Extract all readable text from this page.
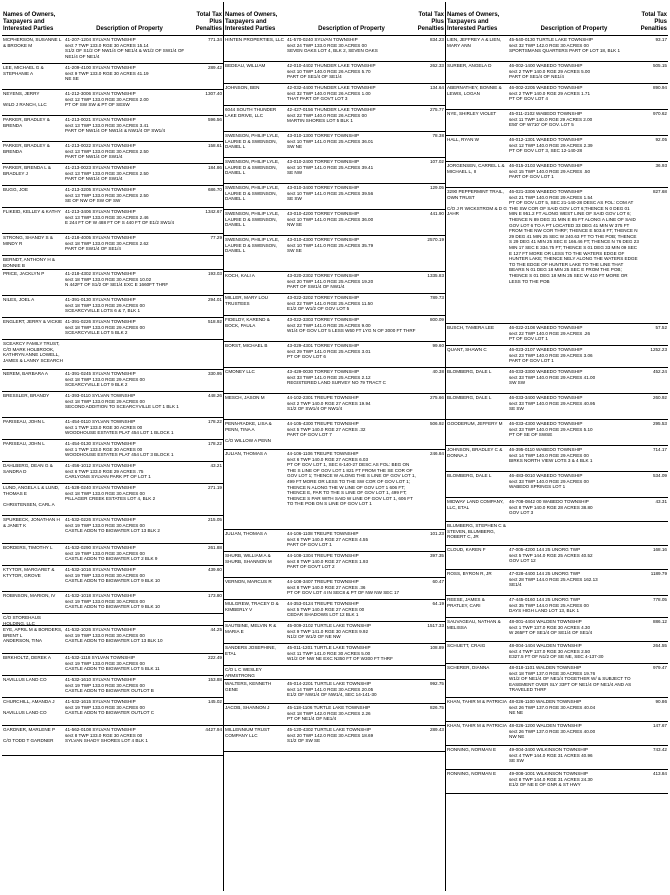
Names of Owners, Taxpayers and Interested Parties	Description of Property
Total Tax Plus Penalties
MCPHERSON, SUSANNE L & BROOKE M
41-207-1204 SYLVAN TOWNSHIP
sect 7 TWP 133.0 RGE 30 ACRES 15.14
S1/2 OF S1/2 OF NW1/4 OF NE1/4 & W1/2 OF SW1/4 OF NE1/4 OF NE1/4
771.34
LEE, MICHAEL G & STEPHANIE A
41-209-4100 SYLVAN TOWNSHIP
sect 9 TWP 133.0 RGE 30 ACRES 41.19
NE SE
289.42
NEYENS, JERRY

WILD J RANCH, LLC
41-212-3006 SYLVAN TOWNSHIP
sect 12 TWP 133.0 RGE 30 ACRES 2.00
PT OF SW SW & PT OF SESW
1307.40
PARKER, BRADLEY & BRENDA
41-213-0021 SYLVAN TOWNSHIP
sect 13 TWP 133.0 RGE 30 ACRES 3.41
PART OF NW1/4 OF NW1/4 & NW1/4 OF SW1/4
596.56
PARKER, BRADLEY & BRENDA
41-213-0022 SYLVAN TOWNSHIP
sect 13 TWP 133.0 RGE 30 ACRES 2.50
PART OF NW1/4 OF SW1/4
158.61
PARKER, BRENDA L & BRADLEY J
41-213-0023 SYLVAN TOWNSHIP
sect 13 TWP 133.0 RGE 30 ACRES 2.50
PART OF NW1/4 OF SW1/4
184.86
BUGG, JOE	41-213-3205 SYLVAN TOWNSHIP
sect 13 TWP 133.0 RGE 30 ACRES 2.50
SE OF NW OF SW OF SW
686.70
FLIKEID, KELLEY & KATHY 41-213-3406 SYLVAN TOWNSHIP
sect 13 TWP 133.0 RGE 30 ACRES 2.46
E 244 FT OF W 488 FT OF S 440 FT OF E1/2 SW1/4
1342.67
STRONG, SHANDY S & MINDY R
41-218-4005 SYLVAN TOWNSHIP
sect 18 TWP 133.0 RGE 30 ACRES 2.62
PART OF SW1/4 OF SE1/4
77.29
BERNDT, ANTHONY H & BONNIE B
PRICE, JACKLYN P	41-218-4302 SYLVAN TOWNSHIP
sect 18 TWP 133.0 RGE 30 ACRES 10.02
N 442FT OF S1/2 OF SE1/4 EXC E 1660FT THRF
193.03
NILES, JOEL A	41-391-0130 SYLVAN TOWNSHIP
sect 18 TWP 133.0 RGE 29 ACRES 00
SCEARCYVILLE LOTS 6 & 7, BLK 1
294.01
ENGLERT, JERRY & VICKIE 41-391-0226 SYLVAN TOWNSHIP
sect 18 TWP 133.0 RGE 29 ACRES 00
SCEARCYVILLE LOT 5 BLK 2
518.92
SCEARCY FAMILY TRUST, C/O MARK HOLBROOK, KATHRYN ANNE LOWELL, JAMES & LANNY SCEARCH
NEREM, BARBARA A	41-391-0245 SYLVAN TOWNSHIP
sect 18 TWP 133.0 RGE 29 ACRES 00
SCEARCYVILLE LOT 9 BLK 2
330.95
BRESSLER, BRANDY	41-393-0110 SYLVAN TOWNSHIP
sect 18 TWP 133.0 RGE 29 ACRES 00
SECOND ADDITION TO SCEARCYVILLE LOT 1 BLK 1
448.26
PARISEAU, JOHN L	41-454-0110 SYLVAN TOWNSHIP
sect 1 TWP 133.0 RGE 30 ACRES 00
WOODHOUSE ESTATES PLAT 454 LOT 1 BLOCK 1
178.22
PARISEAU, JOHN L	41-454-0130 SYLVAN TOWNSHIP
sect 1 TWP 133.0 RGE 30 ACRES 00
WOODHOUSE ESTATES PLAT 454 LOT 3 BLOCK 1
178.22
DAHLBERG, DEAN G & SANDRA D
41-456-1012 SYLVAN TOWNSHIP
sect 6 TWP 133.0 RGE 29 ACRES .75
CARLYONS SYLVAN PARK PT OF LOT 1
43.21
LUND, ANGELA L & LUND, THOMAS E

CHRISTENSEN, CARL A
41-528-0240 SYLVAN TOWNSHIP
sect 18 TWP 133.0 RGE 30 ACRES 00
PILLAGER CREEK ESTATES LOT 4, BLK 2
271.19
SPURBECK, JONATHAN H & JANET K
41-532-0226 SYLVAN TOWNSHIP
sect 19 TWP 133.0 RGE 30 ACRES 00
CASTLE ADDN TO BIGWATER LOT 13 BLK 2
215.05
BORDERS, TIMOTHY L	41-532-0290 SYLVAN TOWNSHIP
sect 19 TWP 133.0 RGE 30 ACRES 00
CASTLE ADDN TO BIGWATER LOT 2 BLK 9
261.88
KTYTOR, MARGARET & KTYTOR, GROVE
41-532-1016 SYLVAN TOWNSHIP
sect 19 TWP 133.0 RGE 30 ACRES 00
CASTLE ADDN TO BIGWATER LOT 9 BLK 10
439.60
ROBINSON, MARION, IV	41-532-1018 SYLVAN TOWNSHIP
sect 19 TWP 133.0 RGE 30 ACRES 00
CASTLE ADDN TO BIGWATER LOT 9 BLK 10
173.80
C/O STOREHAUS HOLDING, LLC
EYE, APRIL M & BORDERS, BRENT L
ANDERSON, TINA
41-532-1026 SYLVAN TOWNSHIP
sect 19 TWP 133.0 RGE 30 ACRES 00
CASTLE ADDN TO BIGWATER LOT 13 BLK 10
44.25
BIRKHOLTZ, DEREK A	41-532-1118 SYLVAN TOWNSHIP
sect 19 TWP 133.0 RGE 30 ACRES 00
CASTLE ADDN TO BIGWATER LOT 5 BLK 11
222.49
NAVILLUS LAND CO	41-532-1610 SYLVAN TOWNSHIP
sect 19 TWP 133.0 RGE 30 ACRES 00
CASTLE ADDN TO BIGWATER OUTLOT B
153.88
CHURCHILL, AMANDA J

NAVILLUS LAND CO
41-532-1615 SYLVAN TOWNSHIP
sect 19 TWP 133.0 RGE 30 ACRES 00
CASTLE ADDN TO BIGWATER OUTLOT C
145.02
GARDNER, MARLENE P

C/O TODD T GARDNER
41-562-0108 SYLVAN TOWNSHIP
sect 8 TWP 133.0 RGE 30 ACRES 00
SYLVAN SHADY SHORES LOT 4 BLK 1
4427.94
Names of Owners, Taxpayers and Interested Parties	Description of Property
Total Tax Plus Penalties
HINTEN PROPERTIES, LLC 41-570-0240 SYLVAN TOWNSHIP
sect 24 TWP 133.0 RGE 30 ACRES 00
SEVEN OAKS LOT 4, BLK 2, SEVEN OAKS
834.23
BEDEAU, WILLIAM	42-010-4402 THUNDER LAKE TOWNSHIP
sect 10 TWP 140.0 RGE 26 ACRES 5.70
PART OF SE1/4 OF SE1/4
262.33
JOHNSON, BEN	42-032-4400 THUNDER LAKE TOWNSHIP
sect 32 TWP 140.0 RGE 26 ACRES 1.00
THAT PART OF GOVT LOT 3
134.64
6044 SOUTH THUNDER LAKE DRIVE, LLC
42-427-0156 THUNDER LAKE TOWNSHIP
sect 22 TWP 140.0 RGE 26 ACRES 00
MARTIN SHORES LOT 5 BLK 1
275.77
SWENSON, PHILIP LYLE, LAURIE D & SWENSON, DANIEL L
43-010-1300 TORREY TOWNSHIP
sect 10 TWP 141.0 RGE 25 ACRES 36.01
SW NE
78.38
SWENSON, PHILIP LYLE, LAURIE D & SWENSON, DANIEL L
43-010-2400 TORREY TOWNSHIP
sect 10 TWP 141.0 RGE 25 ACRES 39.41
SE NW
107.02
SWENSON, PHILIP LYLE, LAURIE D & SWENSON, DANIEL L
43-010-3400 TORREY TOWNSHIP
sect 10 TWP 141.0 RGE 25 ACRES 39.56
SE SW
129.05
SWENSON, PHILIP LYLE, LAURIE D & SWENSON, DANIEL L
43-010-4200 TORREY TOWNSHIP
sect 10 TWP 141.0 RGE 25 ACRES 36.00
NW SE
441.90
SWENSON, PHILIP LYLE, LAURIE D & SWENSON, DANIEL L
43-010-4300 TORREY TOWNSHIP
sect 10 TWP 141.0 RGE 25 ACRES 35.79
SW SE
2570.19
KOCH, KALI A	43-020-2302 TORREY TOWNSHIP
sect 20 TWP 141.0 RGE 25 ACRES 19.20
PART OF SW1/4 OF NW1/4
1335.83
MILLER, MARY LOU TRUSTEES
43-022-3202 TORREY TOWNSHIP
sect 22 TWP 141.0 RGE 25 ACRES 11.50
E1/2 OF W1/2 OF GOV LOT 5
789.73
FIDELDY, KAREND & BOCK, PAULA
43-022-3303 TORREY TOWNSHIP
sect 22 TWP 141.0 RGE 25 ACRES 9.00
W1/4 OF GOV LOT 5 LESS W60 FT LYG N OF 3000 FT THRF
800.09
BORST, MICHAEL B	43-029-4301 TORREY TOWNSHIP
sect 29 TWP 141.0 RGE 25 ACRES 3.01
PT OF GOV LOT 6
99.60
CMONEY LLC	43-429-0030 TORREY TOWNSHIP
sect 33 TWP 141.0 RGE 25 ACRES 2.12
REGISTERED LAND SURVEY NO 79 TRACT C
40.38
MESCH, JASON M	44-102-2301 TREUPE TOWNSHIP
sect 2 TWP 140.0 RGE 27 ACRES 19.94
S1/2 OF SW1/4 OF NW1/4
275.66
PENN-RADKE, LISA & PENN, TINA A

C/O WILLOW A PENN
44-105-4300 TREUPE TOWNSHIP
sect 5 TWP 140.0 RGE 27 ACRES .32
PART OF GOV LOT 7
506.92
JULIAN, THOMAS A	44-106-1106 TREUPE TOWNSHIP
sect 6 TWP 140.0 RGE 27 ACRES 6.03
PT OF GOV LOT 1, SEC 6-140-27 DESC AS FOL: BEG ON THE S LINE OF GOV LOT 1 821 FT FROM THE SE COR OF GOV LOT 1; THENCE W ALONG THE S LINE OF GOV LOT 1, 499 FT MORE OR LESS TO THE SW COR OF GOV LOT 1; THENCE N ALONG THE W LINE OF GOV LOT 1 606 FT; THENCE E, PAR TO THE S LINE OF GOV LOT 1, 499 FT; THENCE S PAR WITH SAID W LINE OF GOV LOT 1, 606 FT TO THE POB ON S LINE OF GOV LOT 1
246.84
JULIAN, THOMAS A	44-106-1108 TREUPE TOWNSHIP
sect 6 TWP 140.0 RGE 27 ACRES 4.55
PART OF GOV LOT 1
101.23
SHURB, WILLIAM A & SHURB, SHANNON M
44-108-1304 TREUPE TOWNSHIP
sect 8 TWP 140.0 RGE 27 ACRES 1.93
PART OF GOVT LOT 2
397.35
VERNON, MARCUS R	44-108-3407 TREUPE TOWNSHIP
sect 8 TWP 140.0 RGE 27 ACRES .36
PT OF GOV LOT 4 IN SEC8 & PT OF NW NW SEC 17
60.47
MULGREW, TRACEY D & KIMBERLY V
44-353-0124 TREUPE TOWNSHIP
sect 5 TWP 140.0 RGE 27 ACRES 00
CEDAR SHADOWS LOT 12 BLK 1
64.19
SAUTBINE, MELVIN R & MARIA E
45-009-2102 TURTLE LAKE TOWNSHIP
sect 9 TWP 141.0 RGE 30 ACRES 9.92
N1/2 OF W1/2 OF NE NW
1517.33
SANDERS JOSEPHINE, ETAL
45-011-1201 TURTLE LAKE TOWNSHIP
sect 11 TWP 141.0 RGE 30 ACRES 5.00
W1/2 OF NW NE EXC N350 FT OF W300 FT THRF
108.89
C/O L C WESLEY ARMSTRONG
WALTERS, KENNETH GENE
45-014-2201 TURTLE LAKE TOWNSHIP
sect 14 TWP 141.0 RGE 30 ACRES 20.05
E1/2 OF NW1/4 OF NW1/4, SEC 14-141-30
992.75
JACOB, SHANNON J	45-118-1106 TURTLE LAKE TOWNSHIP
sect 18 TWP 142.0 RGE 30 ACRES 2.26
PT OF NE1/4 OF NE1/4
826.75
MILLENNIUM TRUST COMPANY LLC
45-120-4302 TURTLE LAKE TOWNSHIP
sect 20 TWP 142.0 RGE 30 ACRES 18.69
S1/2 OF SW SE
289.43
Names of Owners, Taxpayers and Interested Parties	Description of Property
Total Tax Plus Penalties
LIEN, JEFFREY A & LIEN, MARY ANN
45-540-0130 TURTLE LAKE TOWNSHIP
sect 32 TWP 142.0 RGE 30 ACRES 00
SPORTSMANS QUARTERS PART OF LOT 18, BLK 1
93.17
SURBER, ANGELA D	46-002-1400 WABEDO TOWNSHIP
sect 2 TWP 140.0 RGE 29 ACRES 5.00
PART OF SE1/4 OF NE1/4
505.15
ABERNATHEY, BONNIE & LEWIS, LOGAN
46-002-2205 WABEDO TOWNSHIP
sect 2 TWP 140.0 RGE 29 ACRES 1.71
PT OF GOV LOT 4
890.94
NYE, SHIRLEY VIOLET	45-011-2102 WABEDO TOWNSHIP
sect 11 TWP 140.0 RGE 29 ACRES 2.00
E50' OF W710' OF GOV. LOT 5
970.62
HALL, RYAN W	46-012-1301 WABEDO TOWNSHIP
sect 12 TWP 140.0 RGE 29 ACRES 2.39
PT OF GOV LOT 3, SEC 12-140-28
92.05
JORGENSEN, CARREL L & MICHAEL L, II
46-015-2103 WABEDO TOWNSHIP
sect 15 TWP 140.0 RGE 29 ACRES .50
PART OF GOV LOT 1
36.93
3290 PEPPERMINT TRAIL, OWN TRUST

C/O J R WICKSTROM & D G JAHR
46-021-3306 WABEDO TOWNSHIP
sect 21 TWP 140.0 RGE 29 ACRES 1.54
PT OF GOV LOT 5, SEC 21-140-28 DESC AS FOL: COM AT THE SW COR OF SAID GOV LOT 6;THENCE N 0 DEG 01 MIN E 951.2 FT ALONG WEST LINE OF SAID GOV LOT 6; THENCE N 89 DEG 31 MIN E 85 FT ALONG A LINE OF SAID GOV LOT 6 TO A PT LOCATED 33 DEG 41 MIN W 375 FT FROM THE NW COR THRF; THENCE E 503.6 FT; THENCE N 29 DEG 41 MIN 25 SEC W 240.63 FT TO THE POB; THENCE S 29 DEG 41 MIN 25 SEC E 166.46 FT; THENCE N 76 DEG 23 MIN 17 SEC E 334.75 FT; THENCE S 01 DEG 33 MIN 09 SEC E 127 FT MORE OR LESS TO THE WATERS EDGE OF HUNTER LAKE; THENCE NELY ALONG THE WATERS EDGE TO THE EDGE OF HUNTER LAKE TO THE LINE THAT BEARS N 01 DEG 18 MIN 25 SEC E FROM THE POB; THENCE S 01 DEG 18 MIN 25 SEC W 410 FT MORE OR LESS TO THE POB
827.68
BUSCH, TAMERA LEE	46-022-2108 WABEDO TOWNSHIP
sect 22 TWP 140.0 RGE 29 ACRES .26
PT OF GOV LOT 1
57.52
QUANT, SHAWN C	46-023-2107 WABEDO TOWNSHIP
sect 23 TWP 140.0 RGE 29 ACRES 3.06
PART OF GOV LOT 1
1252.23
BLOMBERG, DALE L	46-033-3300 WABEDO TOWNSHIP
sect 33 TWP 140.0 RGE 29 ACRES 41.00
SW SW
452.24
BLOMBERG, DALE L	46-033-3400 WABEDO TOWNSHIP
sect 33 TWP 140.0 RGE 29 ACRES 40.95
SE SW
260.92
GOODERUM, JEFFERY M	46-033-4300 WABEDO TOWNSHIP
sect 33 TWP 140.0 RGE 29 ACRES 5.10
PT OF SE OF SWSE
295.53
JOHNSON, BRADLEY C & DONNA J
46-395-0110 WABEDO TOWNSHIP
sect 14 TWP 140.0 RGE 29 ACRES 00
BIRKS NORTH VIEW LOTS 3 & 4 BLK 1
714.17
BLOMBERG, DALE L	46-483-0010 WABEDO TOWNSHIP
sect 33 TWP 140.0 RGE 29 ACRES 00
WABEDO SPRINGS LOT 1
534.09
MIDWAY LAND COMPANY, LLC, ETAL
46-708-0842 00 WABEDO TOWNSHIP
sect 8 TWP 140.0 RGE 28 ACRES 38.80
GOV LOT 3
43.31
BLUMBERG, STEPHEN C & STEVEN, BLUMBERG, ROBERT C, JR
CLOUD, KAREN F	47-005-4200 144 25 UNORG TWP
sect 5 TWP 144.0 RGE 25 ACRES 40.52
GOV LOT 12
168.16
ROSS, BYRON R, JR	47-028-4400 144 25 UNORG TWP
sect 28 TWP 144.0 RGE 25 ACRES 162.13
SE1/4
1189.79
REESE, JAMES & PRATLEY, CARI
47-445-0160 144 25 UNORG TWP
sect 35 TWP 144.0 RGE 25 ACRES 00
DAYS HIGH LAND LOT 13, BLK 1
778.05
SAUVAGEAU, NATHAN & MELISSA
48-001-4404 WALDEN TOWNSHIP
sect 1 TWP 137.0 RGE 30 ACRES 4.30
W 265FT OF SE1/4 OF SE1/4 OF SE1/4
886.12
SCHUETT, CRAIG	48-004-1404 WALDEN TOWNSHIP
sect 4 TWP 137.0 RGE 30 ACRES 2.50
E327.5 FT OF N1/2 OF SE NE, SEC 4-137-30
264.55
SCHERER, DIANNA	48-018-1101 WALDEN TOWNSHIP
sect 18 TWP 137.0 RGE 30 ACRES 19.76
W1/2 OF NE1/4 OF NE1/4 TOGETHER W/ & SUBJECT TO EASEMENT OVER SLY 33FT OF NE1/4 OF NE1/4 AND AS TRAVELED THRF
979.47
KHAN, TAHIR M & PATRICIA 48-026-1100 WALDEN TOWNSHIP
sect 26 TWP 137.0 RGE 30 ACRES 40.04
NE NE
90.86
KHAN, TAHIR M & PATRICIA 48-026-1200 WALDEN TOWNSHIP
sect 26 TWP 137.0 RGE 30 ACRES 40.00
NW NE
147.67
RONNING, NORMAN E	49-004-3400 WILKINSON TOWNSHIP
sect 4 TWP 144.0 RGE 31 ACRES 40.96
SE SW
743.42
RONNING, NORMAN E	49-008-1001 WILKINSON TOWNSHIP
sect 8 TWP 144.0 RGE 31 ACRES 24.30
E1/2 OF NE E OF GNR & ST HWY
413.84
